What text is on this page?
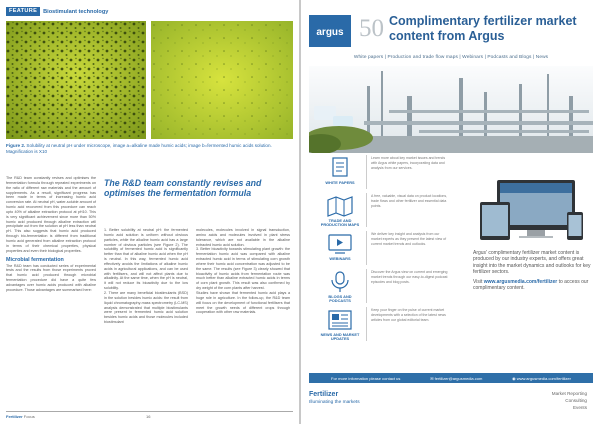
FEATURE	Biostimulant technology
Figure 2. Solubility at neutral pH under microscope, image a=alkaline made humic acids; image b=fermented humic acids solution. Magnification is X10

The R&D team constantly revises and optimises the fermentation formula through repeated experiments on the ratio of different raw materials and the amount of supplements. As a result, significant progress has been made in terms of increasing humic acid conversion rate. At neutral pH, water-soluble amount of humic acid recovered from this procedure can reach upto 40% of alkaline extraction protocol at pH10. This is very significant achievement since more than 50% humic acid produced through alkaline extraction will precipitate out from the solution at pH less than neutral pH. This also suggests that humic acid produced through bio-fermentation is different from traditional humic acid generated from alkaline extraction protocol in terms of their chemical properties, physical properties and even their biological properties.

Microbial fermentation

The R&D team has conducted series of experimental tests and the results from those experiments proved that humic acid produced through microbial fermentation procedure did have a quite few advantages over humic acids produced with alkaline procedure. Those advantages are summarised here:

The R&D team constantly revises and optimises the fermentation formula

1. Better solubility at neutral pH: the fermented humic acid solution is uniform without obvious particles, while the alkaline humic acid has a large number of obvious particles (see Figure 2). The solubility of fermented humic acid is significantly better than that of alkaline humic acid when the pH is neutral. In this way, fermented humic acid effectively avoids the limitations of alkaline humic acids in agricultural applications, and can be used with fertilisers, and will not affect plants due to alkalinity. At the same time, when the pH is neutral, it will not reduce its bioactivity due to the low solubility.
2. There are many beneficial biostimulants (BSD) in the solution besides humic acids: the result from liquid chromatography-mass spectrometry (LC-MS) analysis demonstrated that multiple biostimulants were present in fermented humic acid solution besides humic acids and those molecules included biostimulant

molecules, molecules involved in signal transduction, amino acids and molecules involved in plant stress tolerance, which are not available in the alkaline extracted humic acid solution.
3. Better bioactivity towards stimulating plant growth: the fermentation humic acid was compared with alkaline extracted humic acid in terms of stimulating corn growth where their humic acid concentration was adjusted to be the same. The results (see Figure 3) clearly showed that bioactivity of humic acids from fermentation route was much better than alkaline extracted humic acids in terms of corn plant growth. This result was also confirmed by dry weight of the corn plants after harvest.
Studies have shown that fermented humic acid plays a huge role in agriculture. In the follow-up, the R&D team will focus on the development of functional fertilisers that meet the growth needs of different crops through cooperation with other raw materials.

Fertilizer Focus	16
argus 50 Complimentary fertilizer market content from Argus
White papers | Production and trade flow maps | Webinars | Podcasts and Blogs | News
WHITE PAPERS
Learn more about key market issues and trends with Argus white papers, incorporating data and analysis from our services.
TRADE AND PRODUCTION MAPS
A free, valuable, visual data on product locations, trade flows and other fertilizer and essential data points.
WEBINARS
We deliver key insight and analysis from our market experts as they present the latest view of current market trends and outlooks.
BLOGS AND PODCASTS
Discover the Argus view on current and emerging market trends through our easy-to-digest podcast episodes and blog posts.
NEWS AND MARKET UPDATES
Keep your finger on the pulse of current market developments with a selection of the latest news articles from our global editorial team.

Argus' complimentary fertilizer market content is produced by our industry experts, and offers great insight into the market dynamics and outlooks for key fertilizer sectors.

Visit www.argusmedia.com/fertilizer to access our complimentary content.

For more information please contact us	✉ fertilizer@argusmedia.com	◉ www.argusmedia.com/fertilizer
Fertilizer
Illuminating the markets
Market Reporting
Consulting
Events
